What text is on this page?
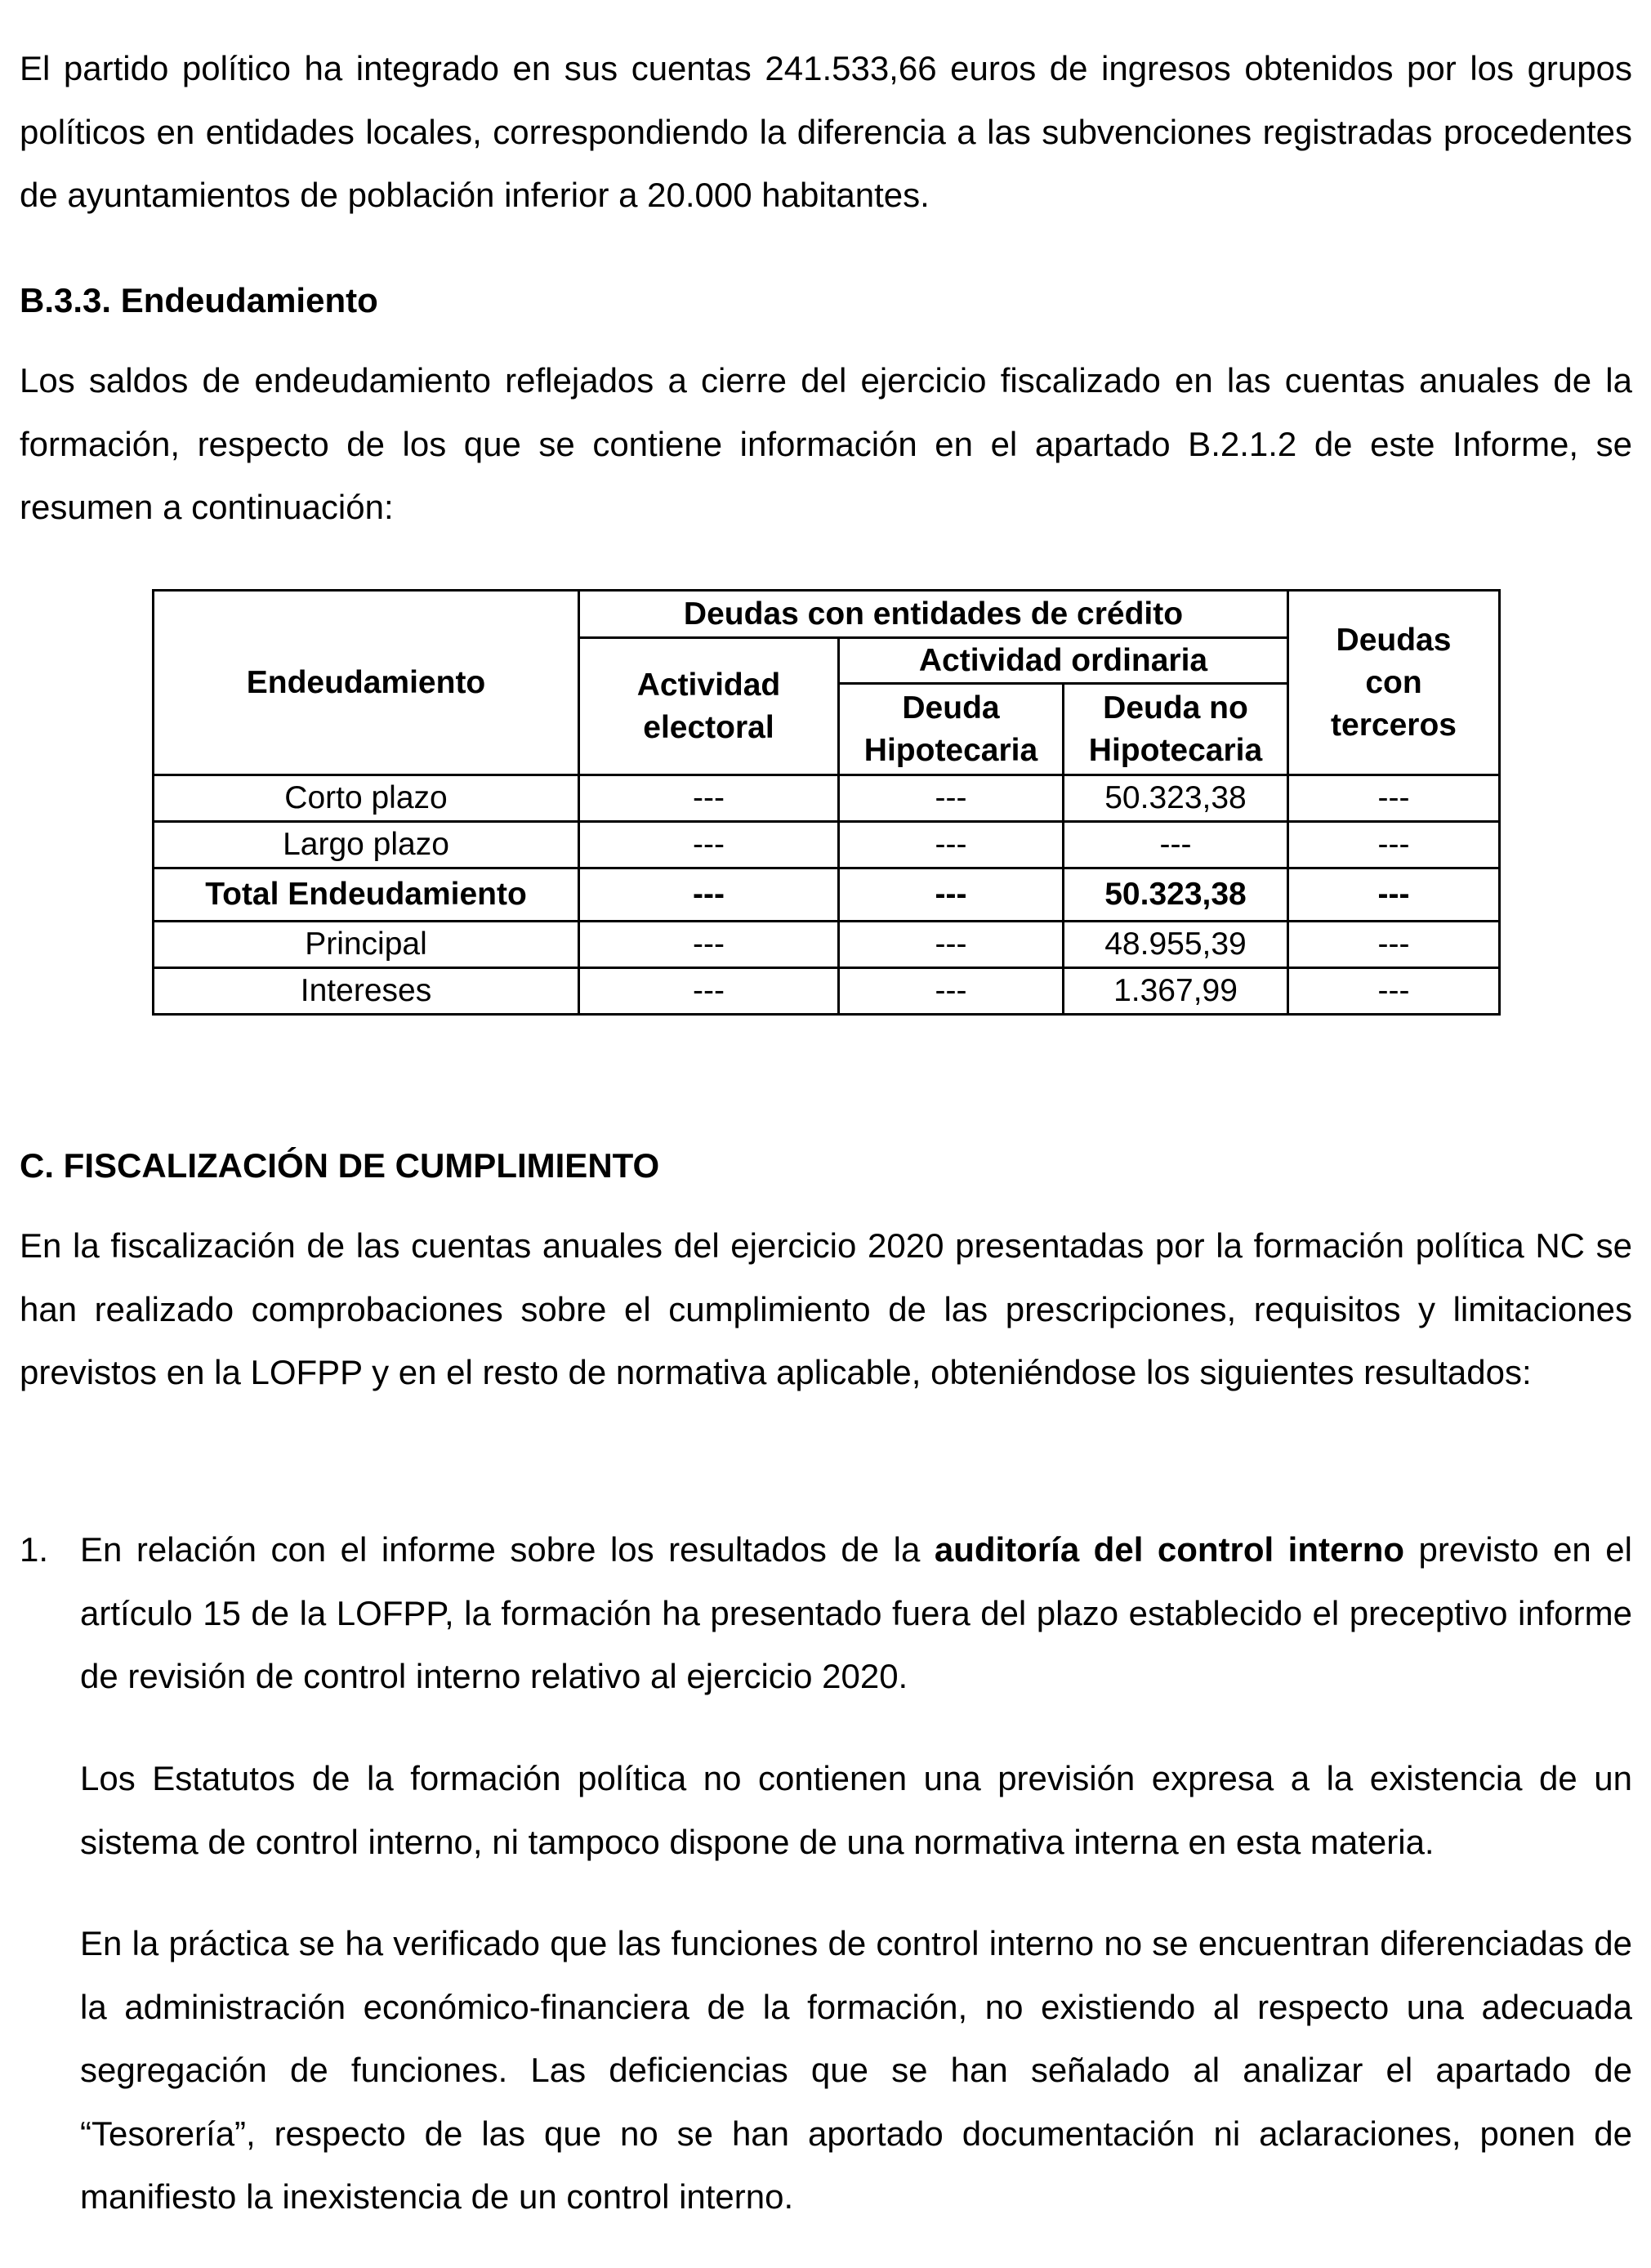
El partido político ha integrado en sus cuentas 241.533,66 euros de ingresos obtenidos por los grupos políticos en entidades locales, correspondiendo la diferencia a las subvenciones registradas procedentes de ayuntamientos de población inferior a 20.000 habitantes.

B.3.3. Endeudamiento

Los saldos de endeudamiento reflejados a cierre del ejercicio fiscalizado en las cuentas anuales de la formación, respecto de los que se contiene información en el apartado B.2.1.2 de este Informe, se resumen a continuación:

Endeudamiento	Deudas con entidades de crédito			Deudas con terceros
	Actividad electoral	Actividad ordinaria		
		Deuda Hipotecaria	Deuda no Hipotecaria	
Corto plazo	---	---	50.323,38	---
Largo plazo	---	---	---	---
Total Endeudamiento	---	---	50.323,38	---
Principal	---	---	48.955,39	---
Intereses	---	---	1.367,99	---
C. FISCALIZACIÓN DE CUMPLIMIENTO

En la fiscalización de las cuentas anuales del ejercicio 2020 presentadas por la formación política NC se han realizado comprobaciones sobre el cumplimiento de las prescripciones, requisitos y limitaciones previstos en la LOFPP y en el resto de normativa aplicable, obteniéndose los siguientes resultados:

1. En relación con el informe sobre los resultados de la auditoría del control interno previsto en el artículo 15 de la LOFPP, la formación ha presentado fuera del plazo establecido el preceptivo informe de revisión de control interno relativo al ejercicio 2020.

Los Estatutos de la formación política no contienen una previsión expresa a la existencia de un sistema de control interno, ni tampoco dispone de una normativa interna en esta materia.

En la práctica se ha verificado que las funciones de control interno no se encuentran diferenciadas de la administración económico-financiera de la formación, no existiendo al respecto una adecuada segregación de funciones. Las deficiencias que se han señalado al analizar el apartado de “Tesorería”, respecto de las que no se han aportado documentación ni aclaraciones, ponen de manifiesto la inexistencia de un control interno.
